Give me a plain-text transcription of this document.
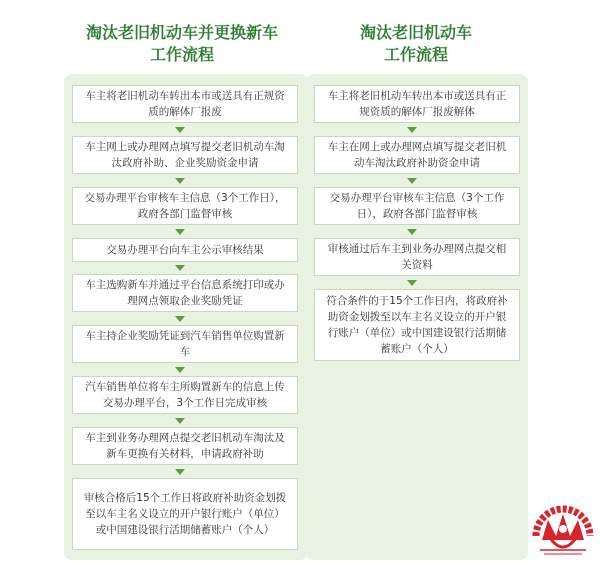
淘汰老旧机动车并更换新车
工作流程
车主将老旧机动车转出本市或送具有正规资质的解体厂报废
车主网上或办理网点填写提交老旧机动车淘汰政府补助、企业奖励资金申请
交易办理平台审核车主信息（3个工作日），政府各部门监督审核
交易办理平台向车主公示审核结果
车主选购新车并通过平台信息系统打印或办理网点领取企业奖励凭证
车主持企业奖励凭证到汽车销售单位购置新车
汽车销售单位将车主所购置新车的信息上传交易办理平台，3个工作日完成审核
车主到业务办理网点提交老旧机动车淘汰及新车更换有关材料，申请政府补助
审核合格后15个工作日将政府补助资金划拨至以车主名义设立的开户银行账户（单位）或中国建设银行活期储蓄账户（个人）
淘汰老旧机动车
工作流程
车主将老旧机动车转出本市或送具有正规资质的解体厂报废解体
车主在网上或办理网点填写提交老旧机动车淘汰政府补助资金申请
交易办理平台审核车主信息（3个工作日），政府各部门监督审核
审核通过后车主到业务办理网点提交相关资料
符合条件的于15个工作日内，将政府补助资金划拨至以车主名义设立的开户银行账户（单位）或中国建设银行活期储蓄账户（个人）
